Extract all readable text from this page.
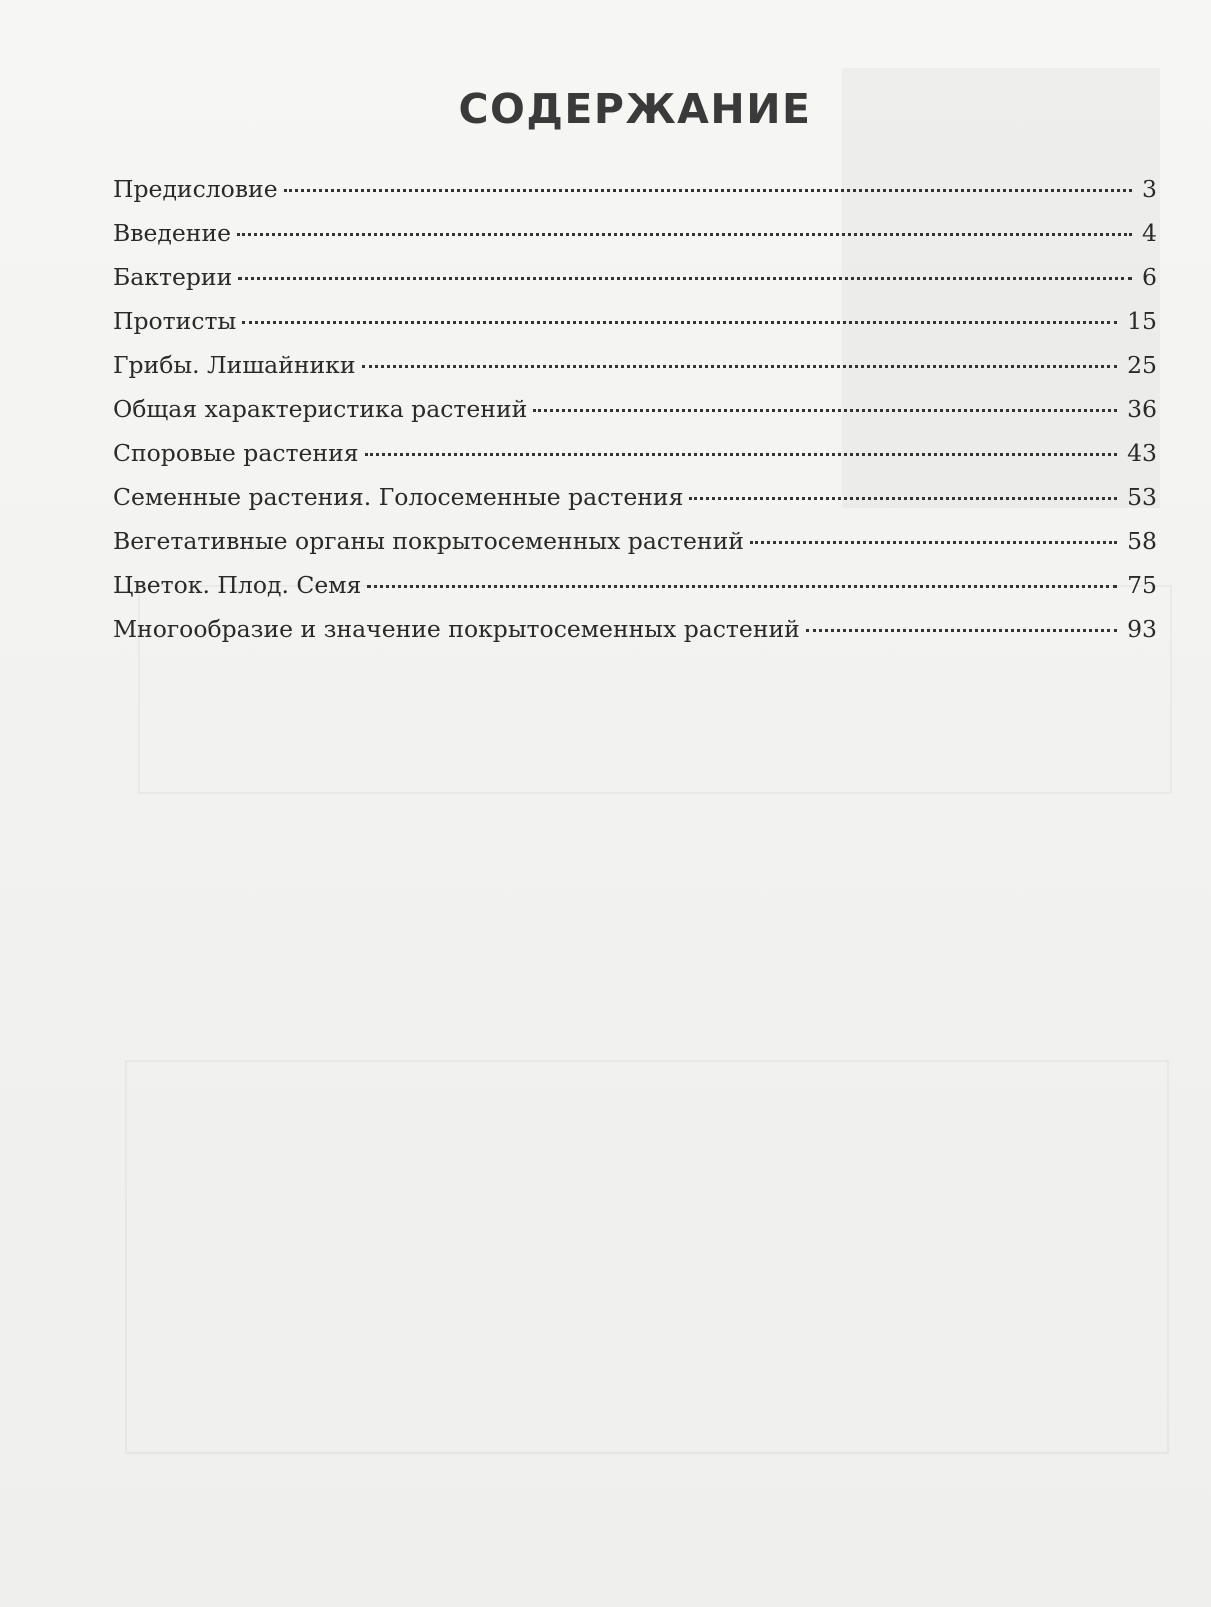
СОДЕРЖАНИЕ
Предисловие	3
Введение	4
Бактерии	6
Протисты	15
Грибы. Лишайники	25
Общая характеристика растений	36
Споровые растения	43
Семенные растения. Голосеменные растения	53
Вегетативные органы покрытосеменных растений	58
Цветок. Плод. Семя	75
Многообразие и значение покрытосеменных растений	93
